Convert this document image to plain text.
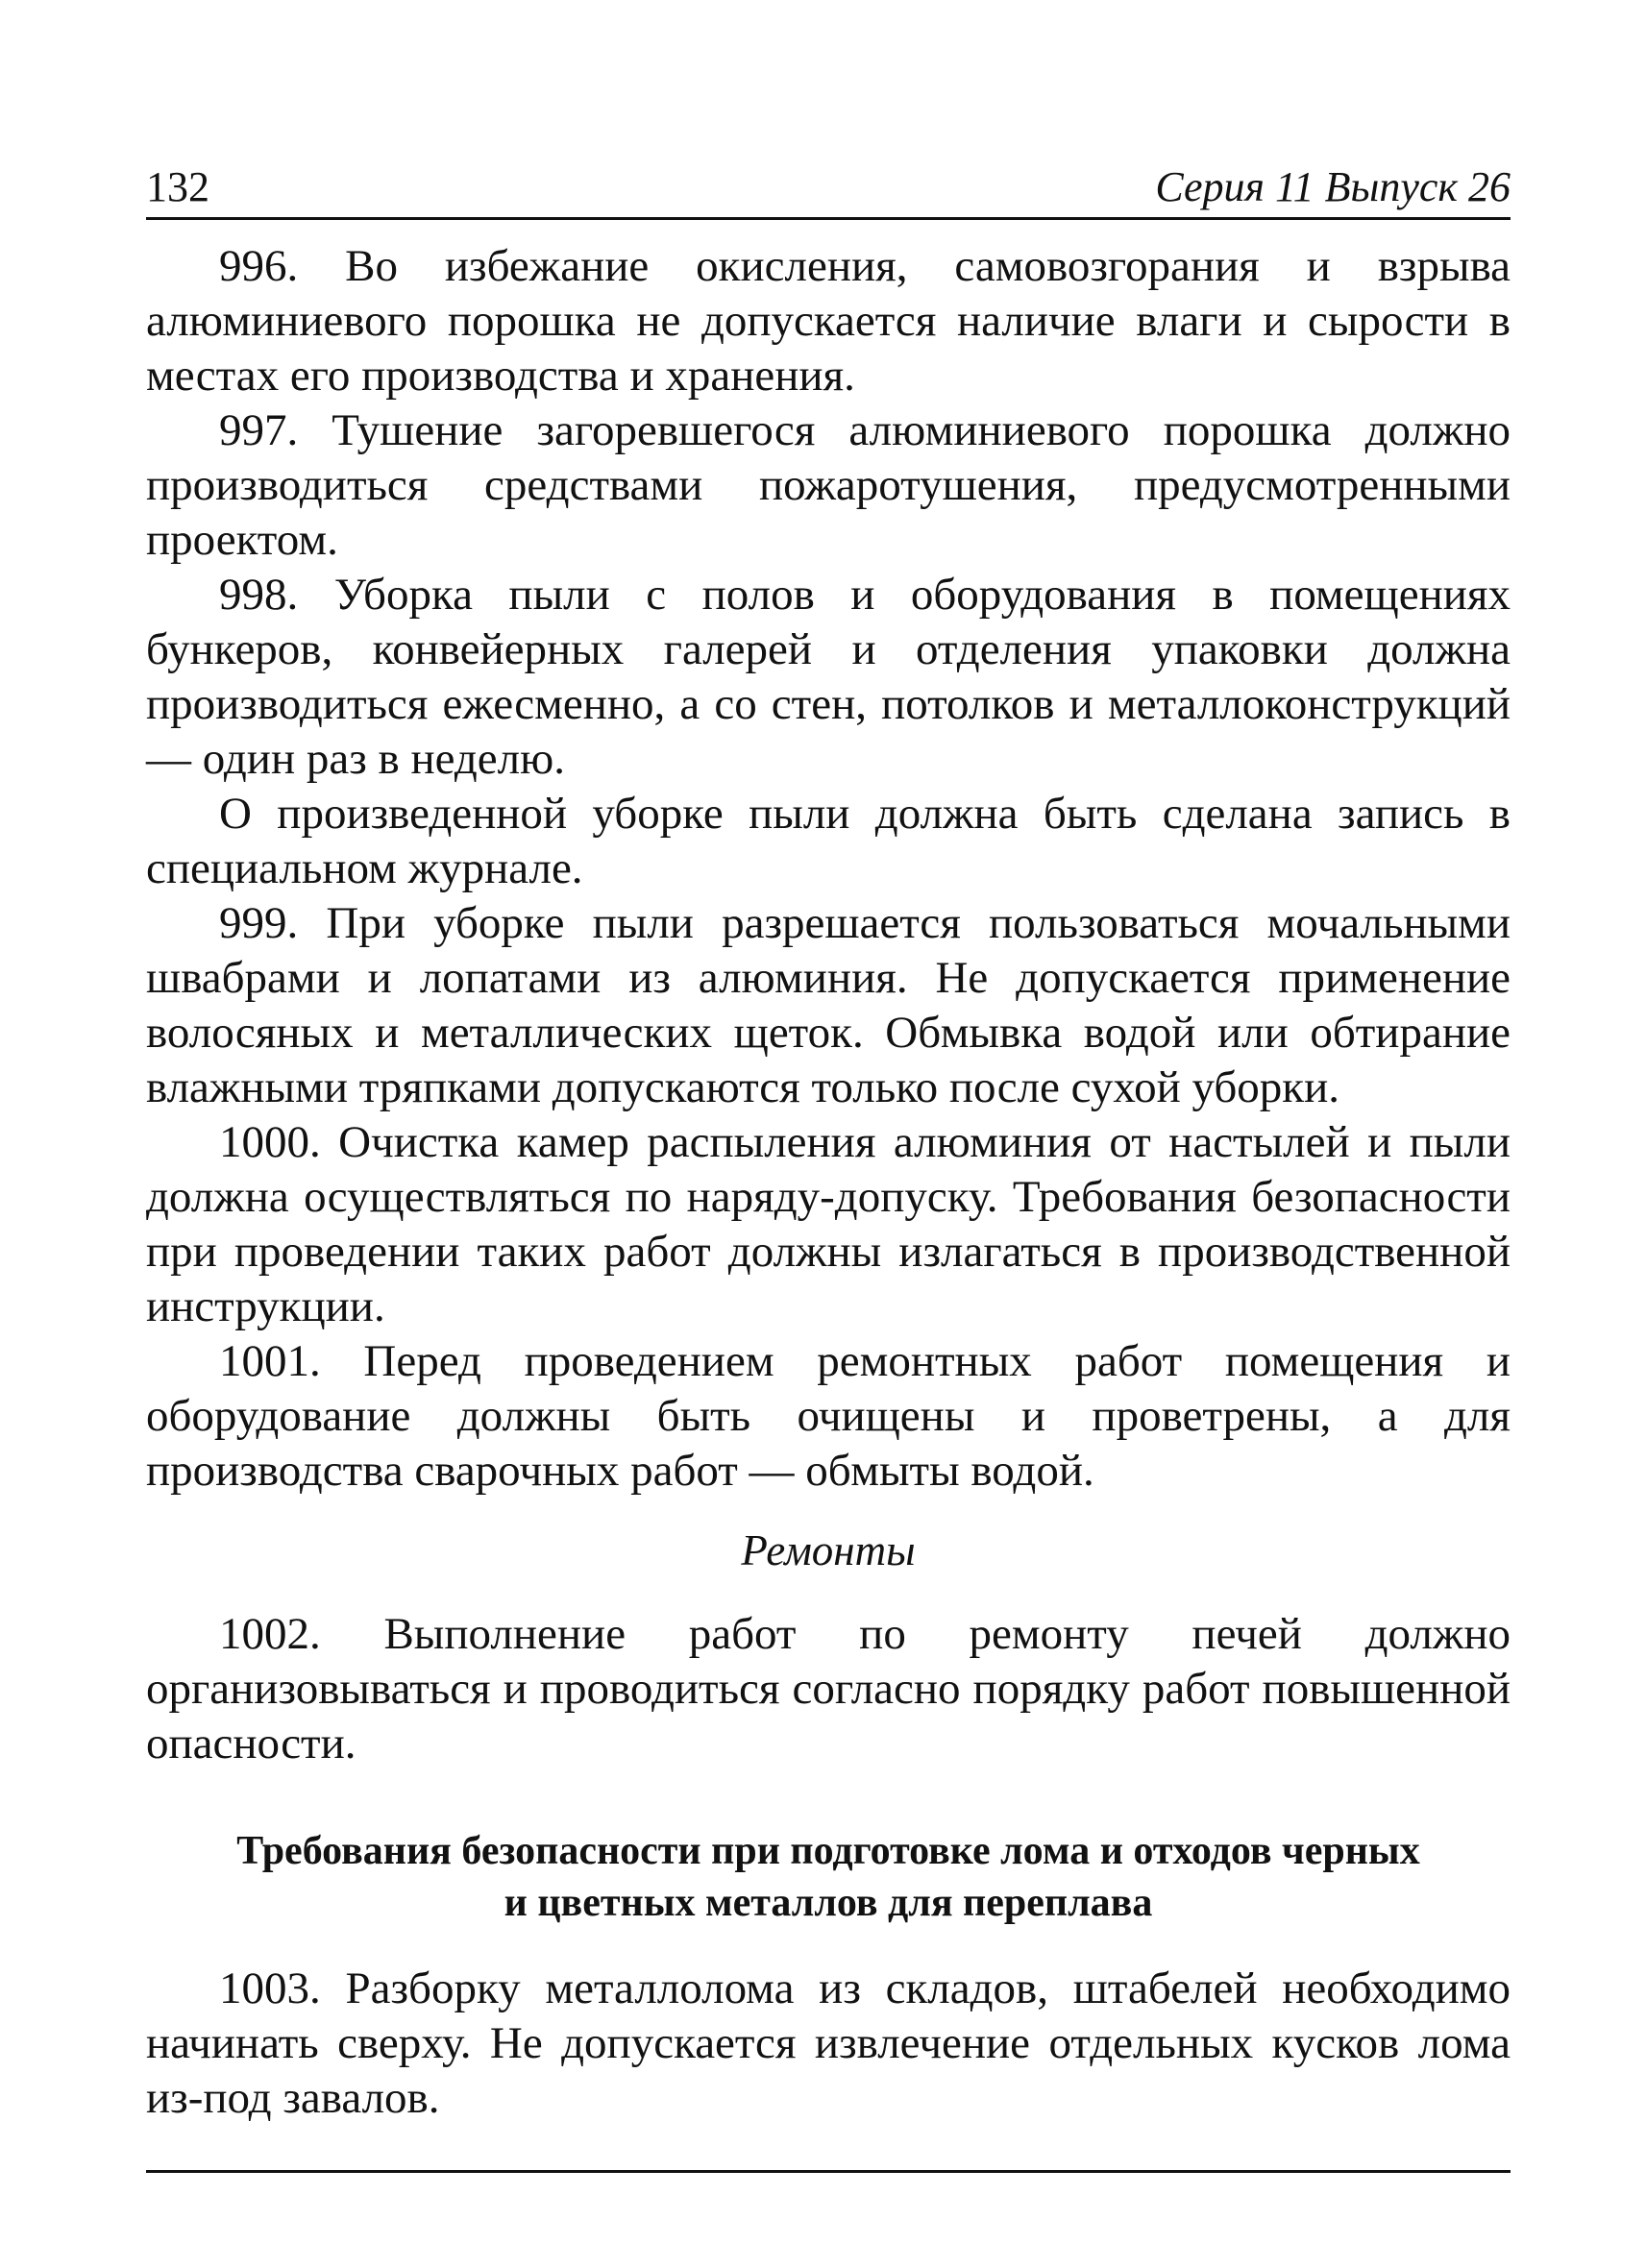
132	Серия 11 Выпуск 26

996. Во избежание окисления, самовозгорания и взрыва алюминиевого порошка не допускается наличие влаги и сырости в местах его производства и хранения.

997. Тушение загоревшегося алюминиевого порошка должно производиться средствами пожаротушения, предусмотренными проектом.

998. Уборка пыли с полов и оборудования в помещениях бункеров, конвейерных галерей и отделения упаковки должна производиться ежесменно, а со стен, потолков и металлоконструкций — один раз в неделю.

О произведенной уборке пыли должна быть сделана запись в специальном журнале.

999. При уборке пыли разрешается пользоваться мочальными швабрами и лопатами из алюминия. Не допускается применение волосяных и металлических щеток. Обмывка водой или обтирание влажными тряпками допускаются только после сухой уборки.

1000. Очистка камер распыления алюминия от настылей и пыли должна осуществляться по наряду-допуску. Требования безопасности при проведении таких работ должны излагаться в производственной инструкции.

1001. Перед проведением ремонтных работ помещения и оборудование должны быть очищены и проветрены, а для производства сварочных работ — обмыты водой.

Ремонты

1002. Выполнение работ по ремонту печей должно организовываться и проводиться согласно порядку работ повышенной опасности.

Требования безопасности при подготовке лома и отходов черных
и цветных металлов для переплава

1003. Разборку металлолома из складов, штабелей необходимо начинать сверху. Не допускается извлечение отдельных кусков лома из-под завалов.
